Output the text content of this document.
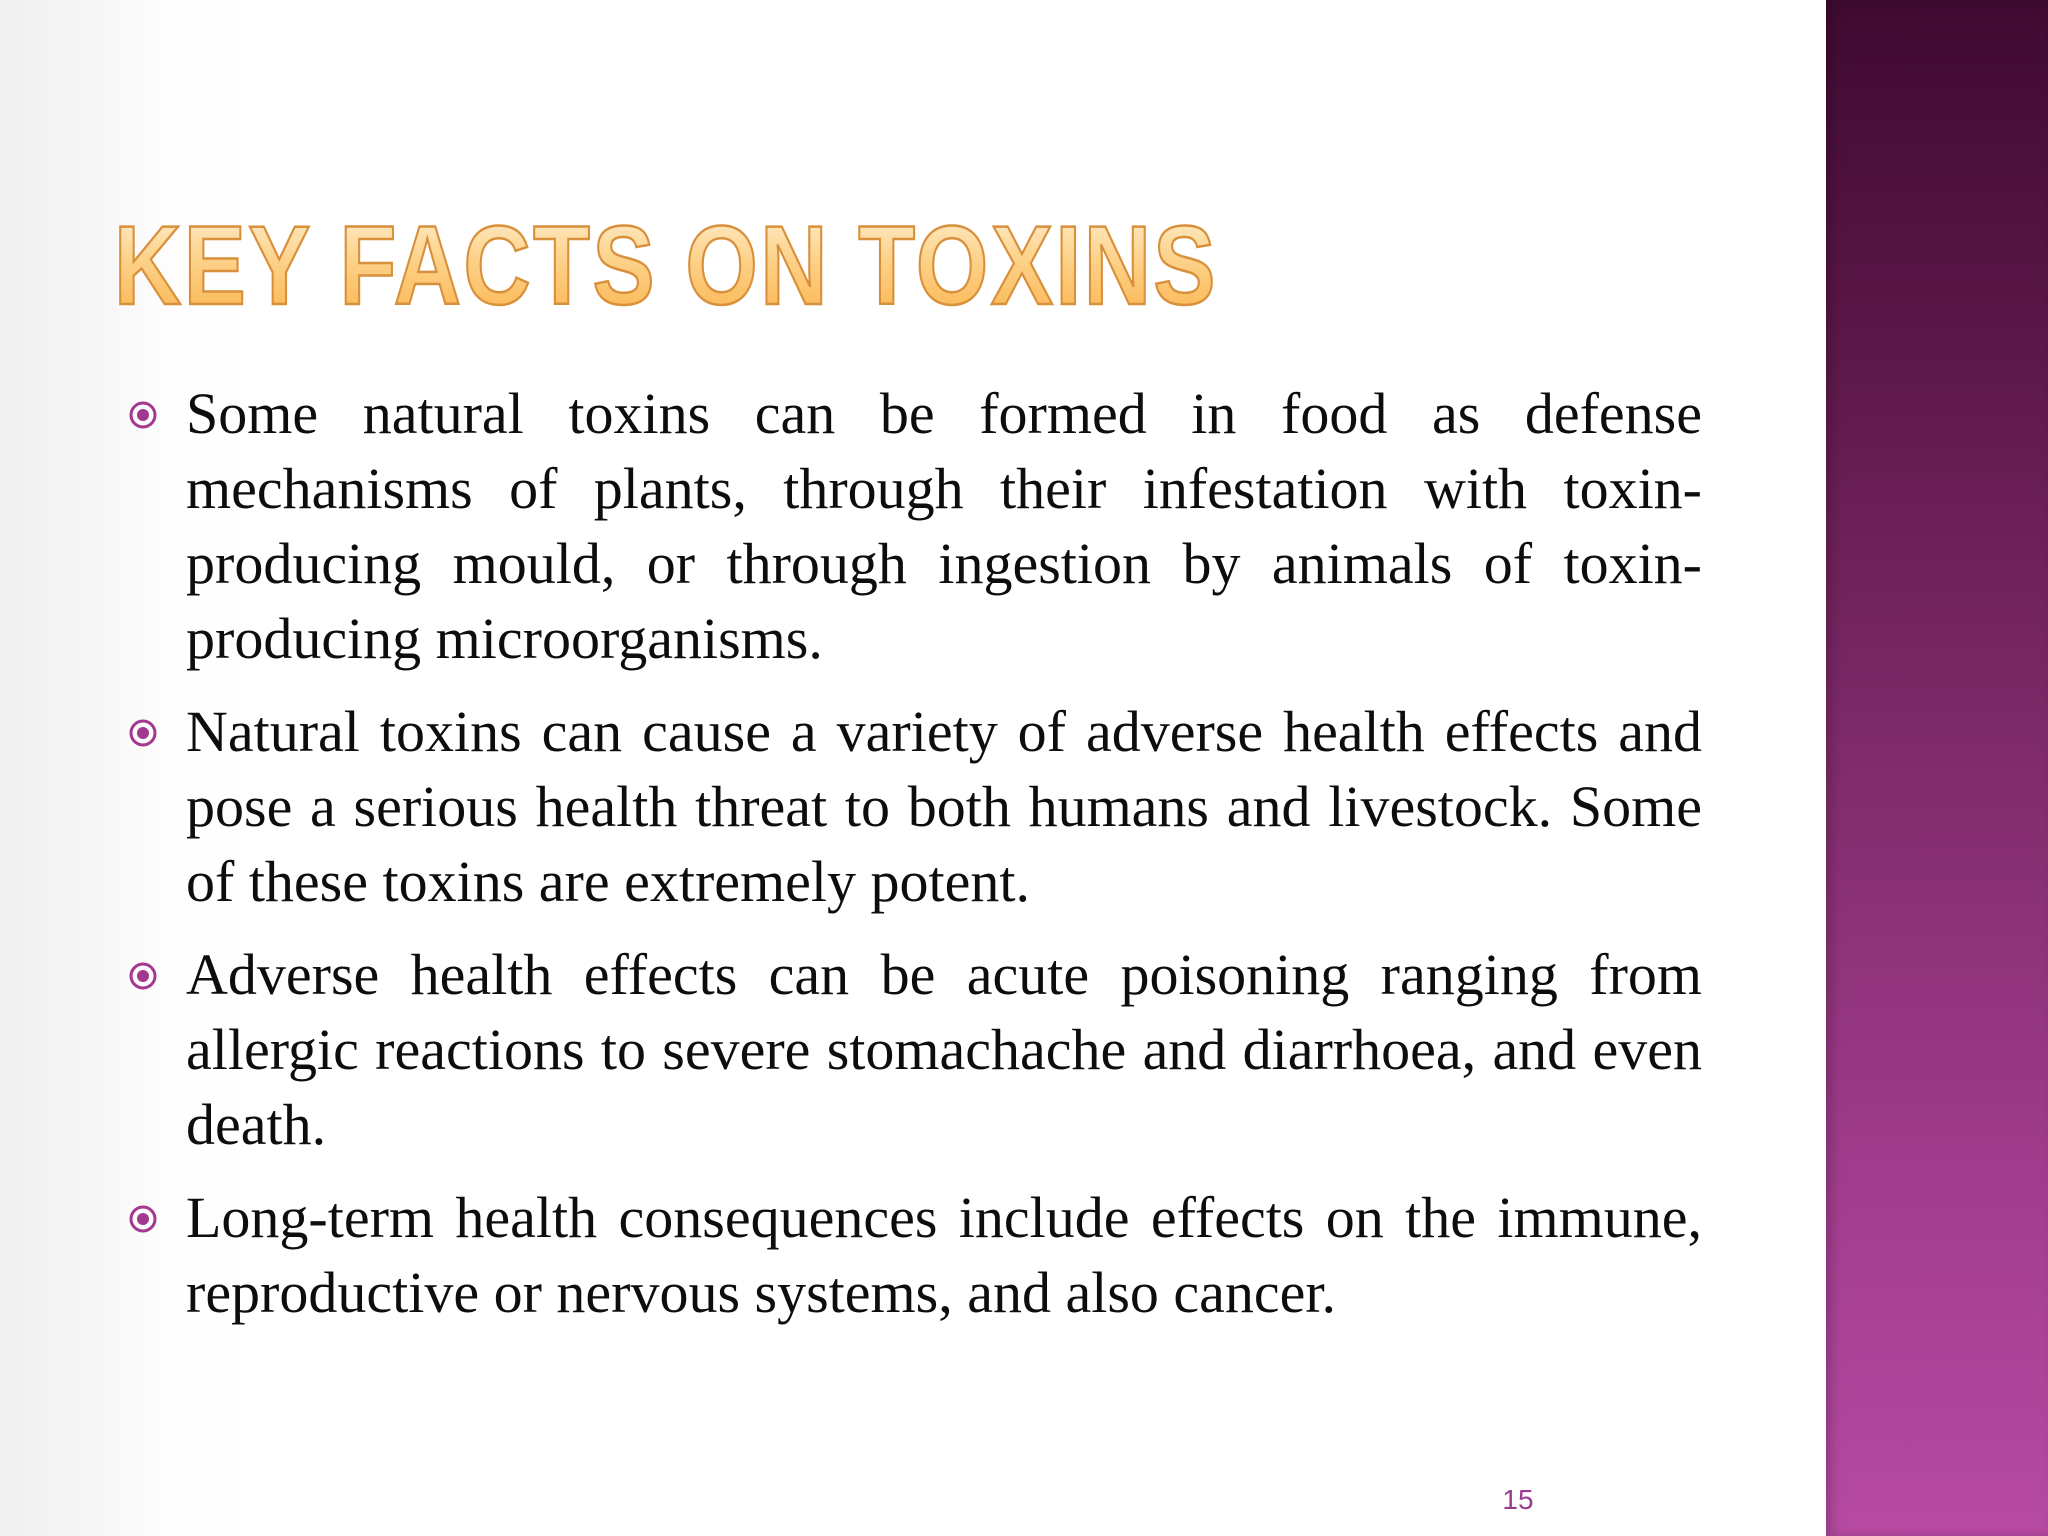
KEY FACTS ON TOXINS
Some natural toxins can be formed in food as defense mechanisms of plants, through their infestation with toxin-producing mould, or through ingestion by animals of toxin-producing microorganisms.
Natural toxins can cause a variety of adverse health effects and pose a serious health threat to both humans and livestock. Some of these toxins are extremely potent.
Adverse health effects can be acute poisoning ranging from allergic reactions to severe stomachache and diarrhoea, and even death.
Long-term health consequences include effects on the immune, reproductive or nervous systems, and also cancer.
15
